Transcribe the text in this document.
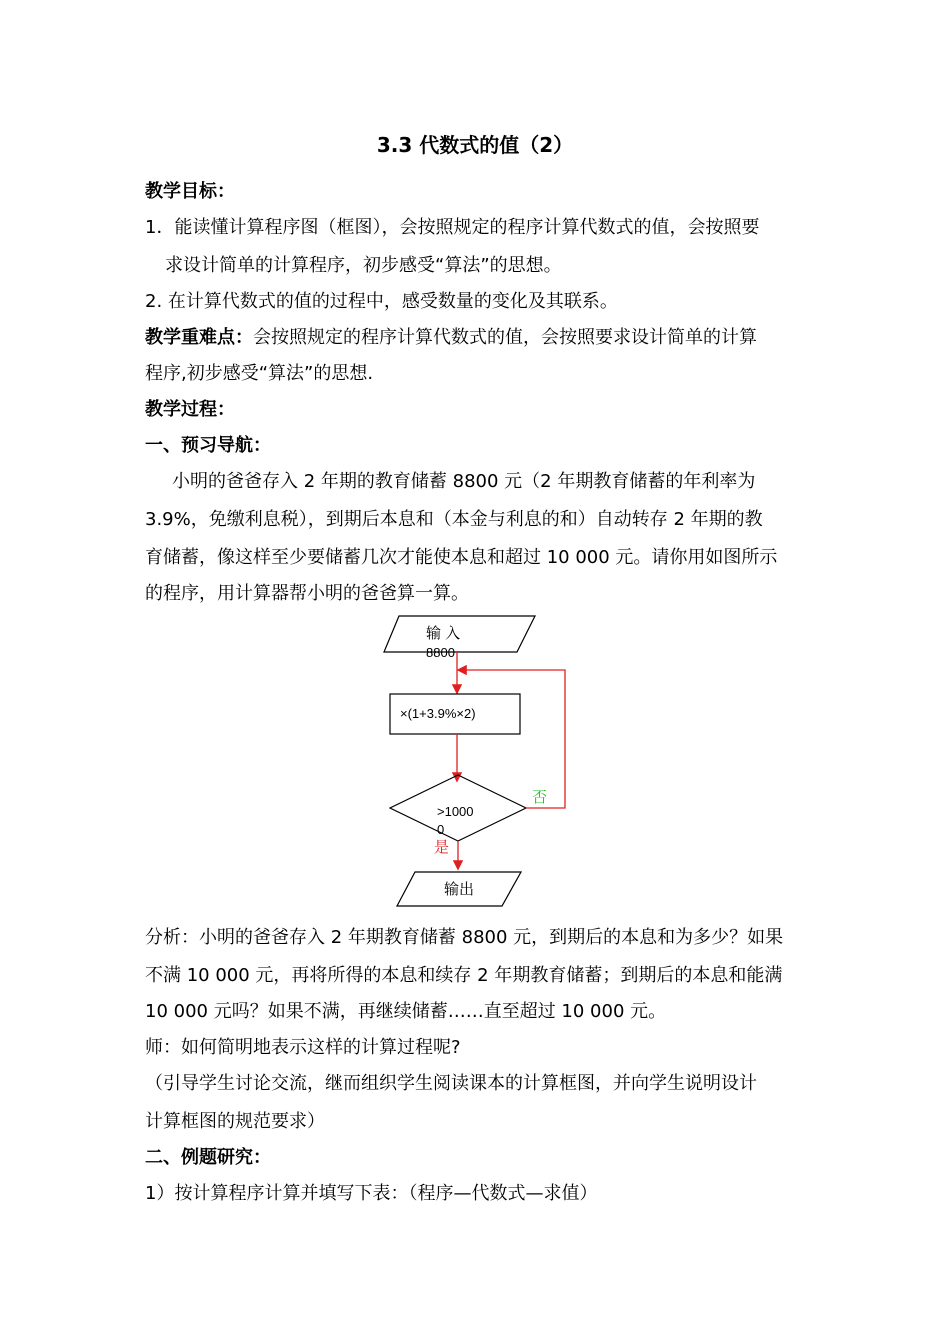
3.3 代数式的值（2）
教学目标：
1．能读懂计算程序图（框图），会按照规定的程序计算代数式的值，会按照要
求设计简单的计算程序，初步感受“算法”的思想。
2. 在计算代数式的值的过程中，感受数量的变化及其联系。
教学重难点：会按照规定的程序计算代数式的值，会按照要求设计简单的计算
程序,初步感受“算法”的思想.
教学过程：
一、预习导航：
小明的爸爸存入 2 年期的教育储蓄 8800 元（2 年期教育储蓄的年利率为
3.9%，免缴利息税），到期后本息和（本金与利息的和）自动转存 2 年期的教
育储蓄，像这样至少要储蓄几次才能使本息和超过 10 000 元。请你用如图所示
的程序，用计算器帮小明的爸爸算一算。
输 入
8800
×(1+3.9%×2)
>1000
0
否
是
输出
分析：小明的爸爸存入 2 年期教育储蓄 8800 元，到期后的本息和为多少？如果
不满 10 000 元，再将所得的本息和续存 2 年期教育储蓄；到期后的本息和能满
10 000 元吗？如果不满，再继续储蓄……直至超过 10 000 元。
师：如何简明地表示这样的计算过程呢?
（引导学生讨论交流，继而组织学生阅读课本的计算框图，并向学生说明设计
计算框图的规范要求）
二、例题研究：
1）按计算程序计算并填写下表：（程序—代数式—求值）
